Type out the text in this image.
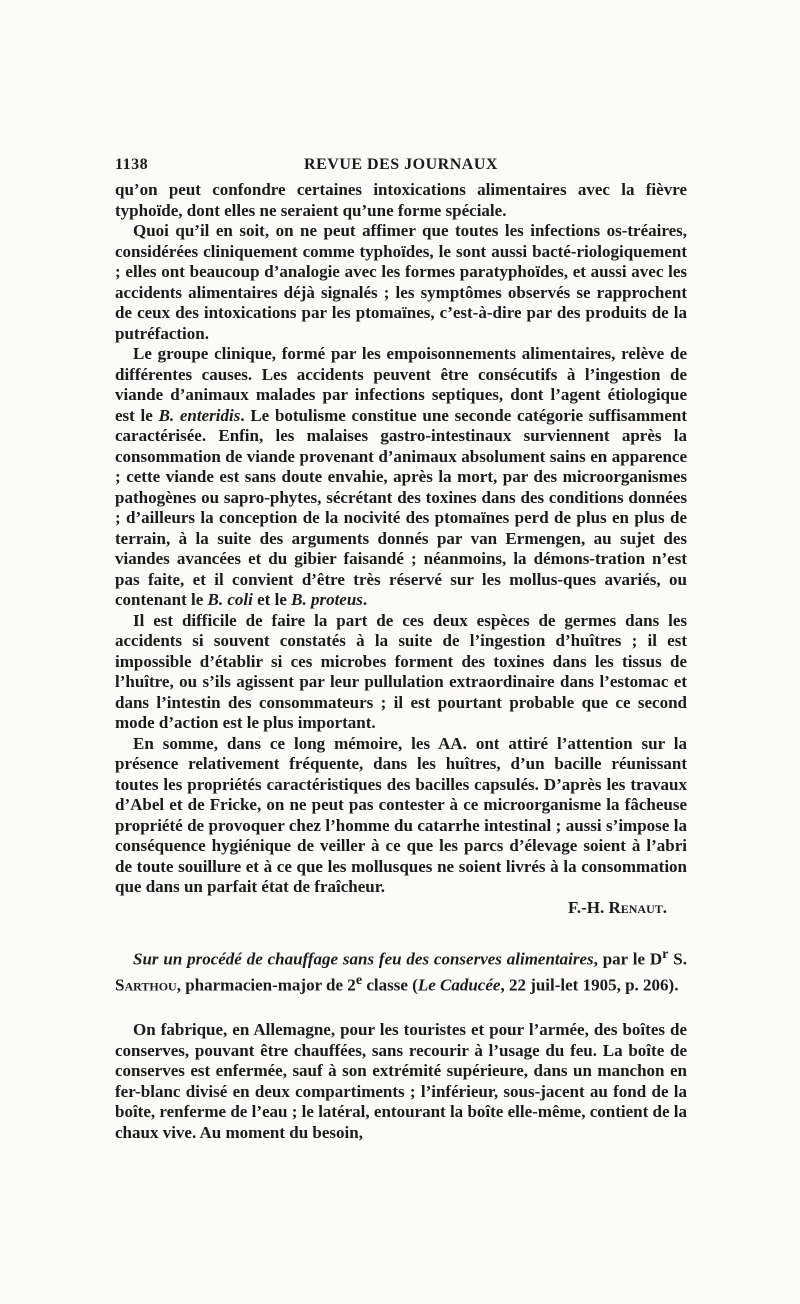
1138	REVUE DES JOURNAUX

qu’on peut confondre certaines intoxications alimentaires avec la fièvre typhoïde, dont elles ne seraient qu’une forme spéciale.

Quoi qu’il en soit, on ne peut affimer que toutes les infections os-tréaires, considérées cliniquement comme typhoïdes, le sont aussi bacté-riologiquement ; elles ont beaucoup d’analogie avec les formes paratyphoïdes, et aussi avec les accidents alimentaires déjà signalés ; les symptômes observés se rapprochent de ceux des intoxications par les ptomaïnes, c’est-à-dire par des produits de la putréfaction.

Le groupe clinique, formé par les empoisonnements alimentaires, relève de différentes causes. Les accidents peuvent être consécutifs à l’ingestion de viande d’animaux malades par infections septiques, dont l’agent étiologique est le B. enteridis. Le botulisme constitue une seconde catégorie suffisamment caractérisée. Enfin, les malaises gastro-intestinaux surviennent après la consommation de viande provenant d’animaux absolument sains en apparence ; cette viande est sans doute envahie, après la mort, par des microorganismes pathogènes ou sapro-phytes, sécrétant des toxines dans des conditions données ; d’ailleurs la conception de la nocivité des ptomaïnes perd de plus en plus de terrain, à la suite des arguments donnés par van Ermengen, au sujet des viandes avancées et du gibier faisandé ; néanmoins, la démons-tration n’est pas faite, et il convient d’être très réservé sur les mollus-ques avariés, ou contenant le B. coli et le B. proteus.

Il est difficile de faire la part de ces deux espèces de germes dans les accidents si souvent constatés à la suite de l’ingestion d’huîtres ; il est impossible d’établir si ces microbes forment des toxines dans les tissus de l’huître, ou s’ils agissent par leur pullulation extraordinaire dans l’estomac et dans l’intestin des consommateurs ; il est pourtant probable que ce second mode d’action est le plus important.

En somme, dans ce long mémoire, les AA. ont attiré l’attention sur la présence relativement fréquente, dans les huîtres, d’un bacille réunissant toutes les propriétés caractéristiques des bacilles capsulés. D’après les travaux d’Abel et de Fricke, on ne peut pas contester à ce microorganisme la fâcheuse propriété de provoquer chez l’homme du catarrhe intestinal ; aussi s’impose la conséquence hygiénique de veiller à ce que les parcs d’élevage soient à l’abri de toute souillure et à ce que les mollusques ne soient livrés à la consommation que dans un parfait état de fraîcheur.

F.-H. Renaut.

Sur un procédé de chauffage sans feu des conserves alimentaires, par le $D^r$ S. Sarthou, pharmacien-major de 2e classe (Le Caducée, 22 juil-let 1905, p. 206).

On fabrique, en Allemagne, pour les touristes et pour l’armée, des boîtes de conserves, pouvant être chauffées, sans recourir à l’usage du feu. La boîte de conserves est enfermée, sauf à son extrémité supérieure, dans un manchon en fer-blanc divisé en deux compartiments ; l’inférieur, sous-jacent au fond de la boîte, renferme de l’eau ; le latéral, entourant la boîte elle-même, contient de la chaux vive. Au moment du besoin,
